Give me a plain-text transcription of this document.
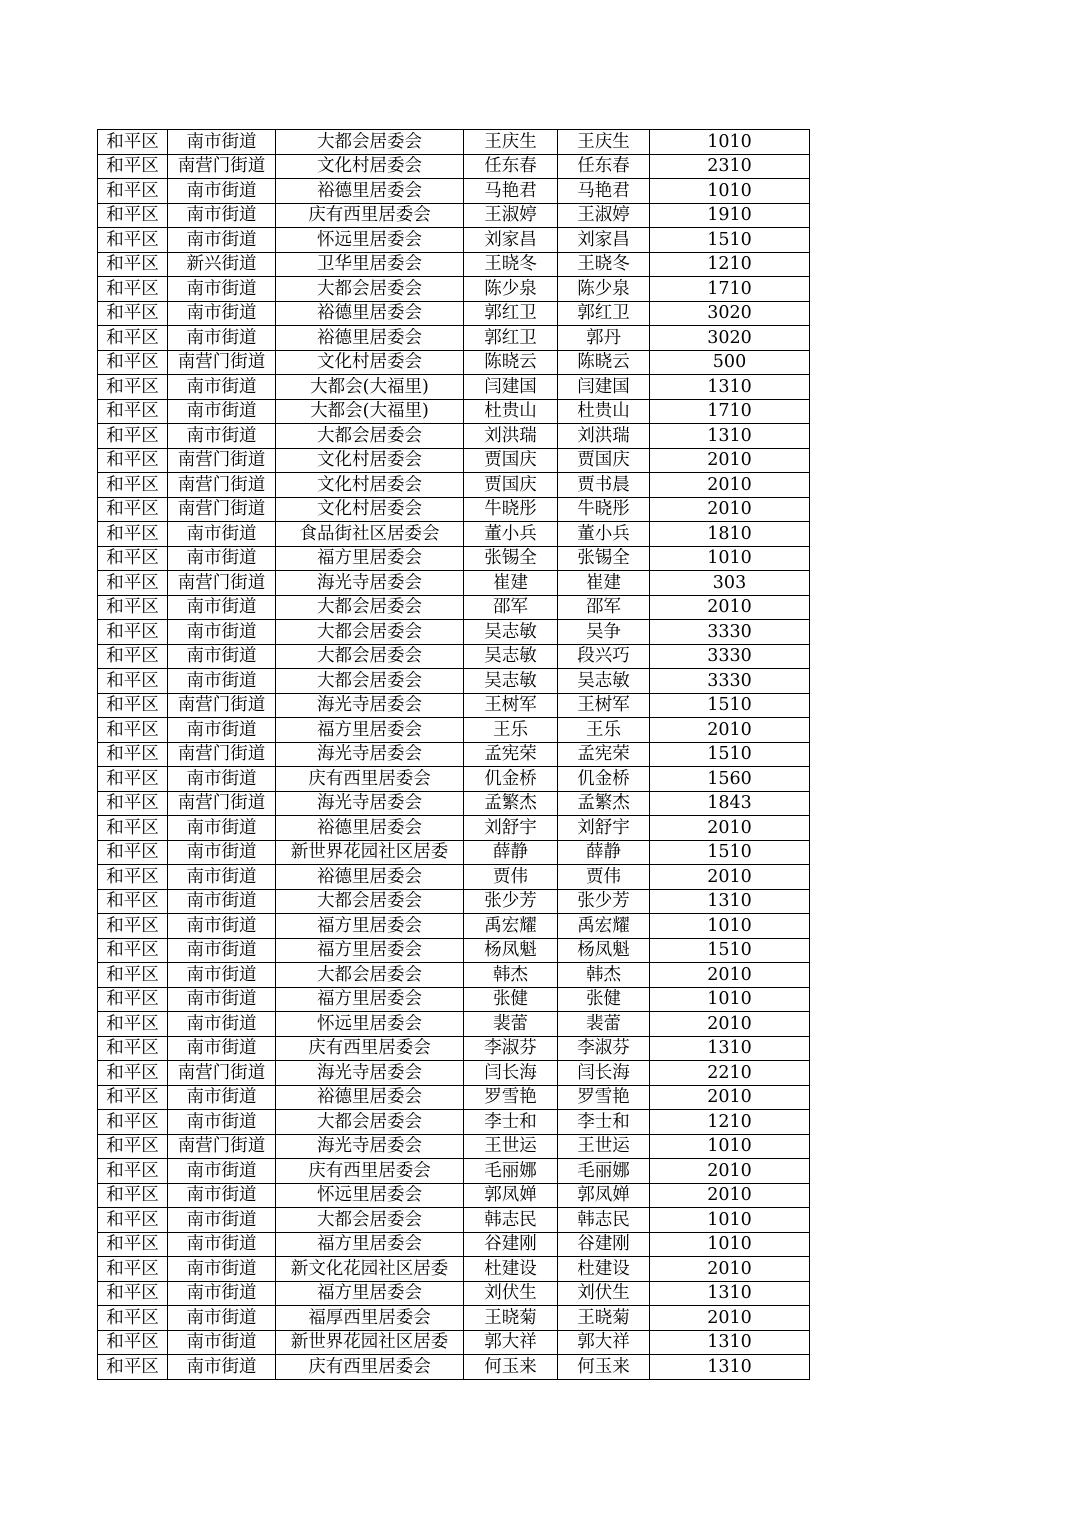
和平区	南市街道	大都会居委会	王庆生	王庆生	1010
和平区	南营门街道	文化村居委会	任东春	任东春	2310
和平区	南市街道	裕德里居委会	马艳君	马艳君	1010
和平区	南市街道	庆有西里居委会	王淑婷	王淑婷	1910
和平区	南市街道	怀远里居委会	刘家昌	刘家昌	1510
和平区	新兴街道	卫华里居委会	王晓冬	王晓冬	1210
和平区	南市街道	大都会居委会	陈少泉	陈少泉	1710
和平区	南市街道	裕德里居委会	郭红卫	郭红卫	3020
和平区	南市街道	裕德里居委会	郭红卫	郭丹	3020
和平区	南营门街道	文化村居委会	陈晓云	陈晓云	500
和平区	南市街道	大都会(大福里)	闫建国	闫建国	1310
和平区	南市街道	大都会(大福里)	杜贵山	杜贵山	1710
和平区	南市街道	大都会居委会	刘洪瑞	刘洪瑞	1310
和平区	南营门街道	文化村居委会	贾国庆	贾国庆	2010
和平区	南营门街道	文化村居委会	贾国庆	贾书晨	2010
和平区	南营门街道	文化村居委会	牛晓彤	牛晓彤	2010
和平区	南市街道	食品街社区居委会	董小兵	董小兵	1810
和平区	南市街道	福方里居委会	张锡全	张锡全	1010
和平区	南营门街道	海光寺居委会	崔建	崔建	303
和平区	南市街道	大都会居委会	邵军	邵军	2010
和平区	南市街道	大都会居委会	吴志敏	吴争	3330
和平区	南市街道	大都会居委会	吴志敏	段兴巧	3330
和平区	南市街道	大都会居委会	吴志敏	吴志敏	3330
和平区	南营门街道	海光寺居委会	王树军	王树军	1510
和平区	南市街道	福方里居委会	王乐	王乐	2010
和平区	南营门街道	海光寺居委会	孟宪荣	孟宪荣	1510
和平区	南市街道	庆有西里居委会	仉金桥	仉金桥	1560
和平区	南营门街道	海光寺居委会	孟繁杰	孟繁杰	1843
和平区	南市街道	裕德里居委会	刘舒宇	刘舒宇	2010
和平区	南市街道	新世界花园社区居委	薛静	薛静	1510
和平区	南市街道	裕德里居委会	贾伟	贾伟	2010
和平区	南市街道	大都会居委会	张少芳	张少芳	1310
和平区	南市街道	福方里居委会	禹宏耀	禹宏耀	1010
和平区	南市街道	福方里居委会	杨凤魁	杨凤魁	1510
和平区	南市街道	大都会居委会	韩杰	韩杰	2010
和平区	南市街道	福方里居委会	张健	张健	1010
和平区	南市街道	怀远里居委会	裴蕾	裴蕾	2010
和平区	南市街道	庆有西里居委会	李淑芬	李淑芬	1310
和平区	南营门街道	海光寺居委会	闫长海	闫长海	2210
和平区	南市街道	裕德里居委会	罗雪艳	罗雪艳	2010
和平区	南市街道	大都会居委会	李士和	李士和	1210
和平区	南营门街道	海光寺居委会	王世运	王世运	1010
和平区	南市街道	庆有西里居委会	毛丽娜	毛丽娜	2010
和平区	南市街道	怀远里居委会	郭凤婵	郭凤婵	2010
和平区	南市街道	大都会居委会	韩志民	韩志民	1010
和平区	南市街道	福方里居委会	谷建刚	谷建刚	1010
和平区	南市街道	新文化花园社区居委	杜建设	杜建设	2010
和平区	南市街道	福方里居委会	刘伏生	刘伏生	1310
和平区	南市街道	福厚西里居委会	王晓菊	王晓菊	2010
和平区	南市街道	新世界花园社区居委	郭大祥	郭大祥	1310
和平区	南市街道	庆有西里居委会	何玉来	何玉来	1310
